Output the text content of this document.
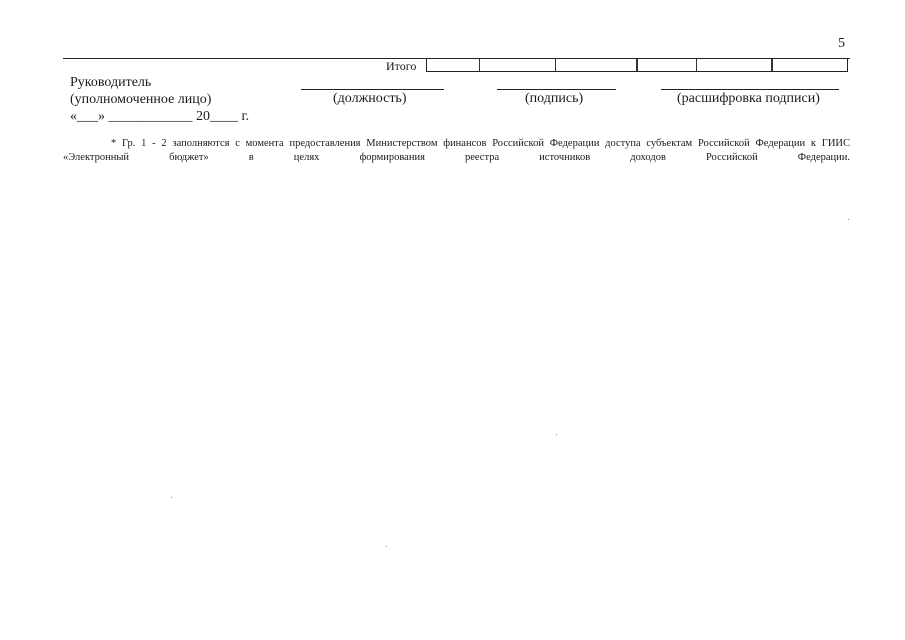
5
Итого
Руководитель
(уполномоченное лицо)	(должность)	(подпись)	(расшифровка подписи)
«___» ____________ 20____ г.
* Гр. 1 - 2 заполняются с момента предоставления Министерством финансов Российской Федерации доступа субъектам Российской Федерации к ГИИС «Электронный бюджет» в целях формирования реестра источников доходов Российской Федерации.
